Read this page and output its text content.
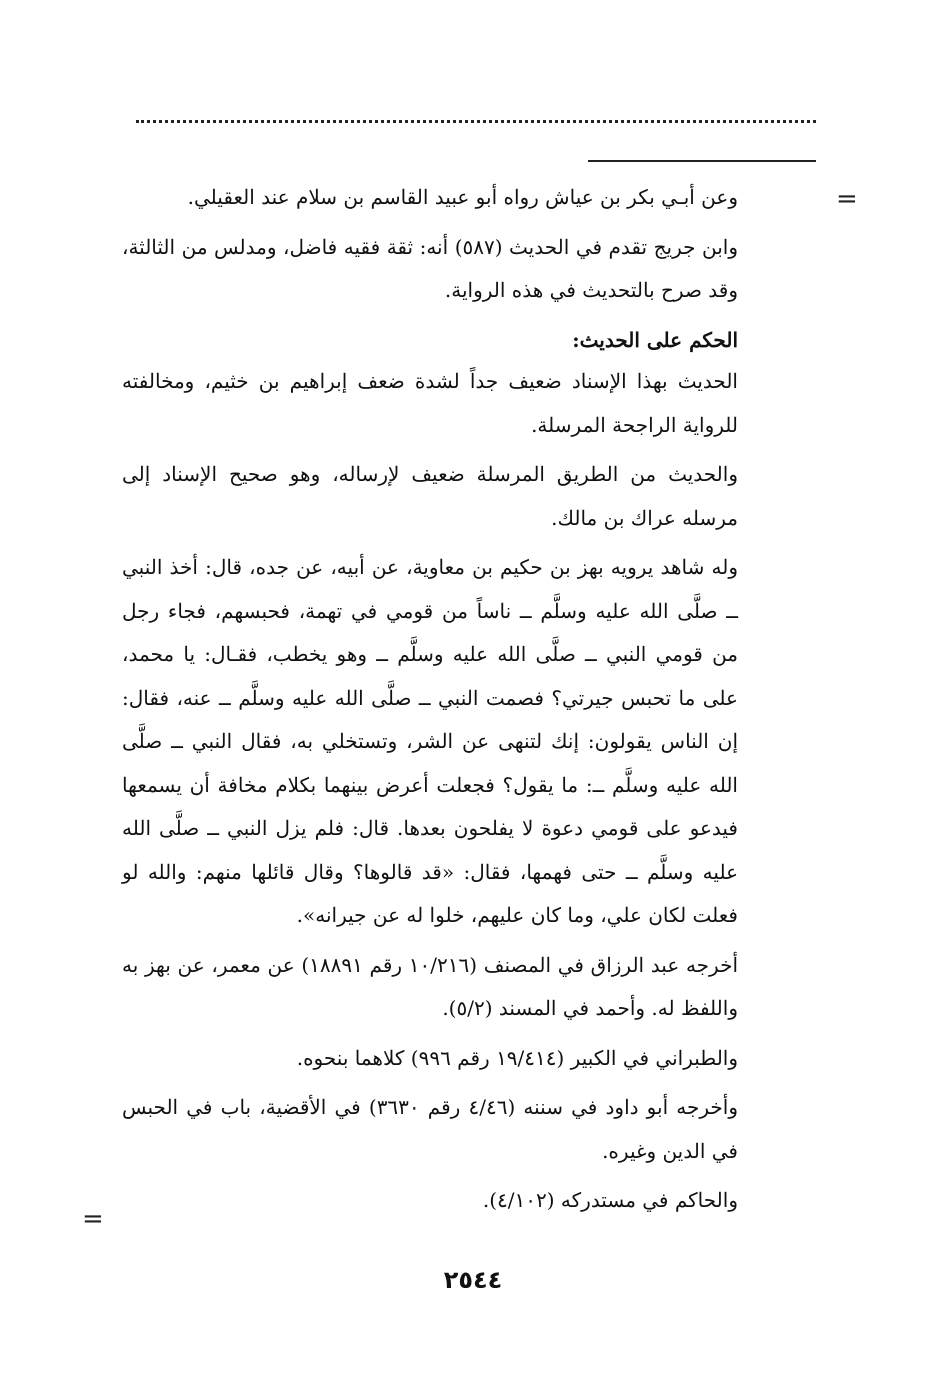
=
=

وعن أبـي بكر بن عياش رواه أبو عبيد القاسم بن سلام عند العقيلي.

وابن جريج تقدم في الحديث (٥٨٧) أنه: ثقة فقيه فاضل، ومدلس من الثالثة، وقد صرح بالتحديث في هذه الرواية.

الحكم على الحديث:

الحديث بهذا الإسناد ضعيف جداً لشدة ضعف إبراهيم بن خثيم، ومخالفته للرواية الراجحة المرسلة.

والحديث من الطريق المرسلة ضعيف لإرساله، وهو صحيح الإسناد إلى مرسله عراك بن مالك.

وله شاهد يرويه بهز بن حكيم بن معاوية، عن أبيه، عن جده، قال: أخذ النبي ــ صلَّى الله عليه وسلَّم ــ ناساً من قومي في تهمة، فحبسهم، فجاء رجل من قومي النبي ــ صلَّى الله عليه وسلَّم ــ وهو يخطب، فقـال: يا محمد، على ما تحبس جيرتي؟ فصمت النبي ــ صلَّى الله عليه وسلَّم ــ عنه، فقال: إن الناس يقولون: إنك لتنهى عن الشر، وتستخلي به، فقال النبي ــ صلَّى الله عليه وسلَّم ــ: ما يقول؟ فجعلت أعرض بينهما بكلام مخافة أن يسمعها فيدعو على قومي دعوة لا يفلحون بعدها. قال: فلم يزل النبي ــ صلَّى الله عليه وسلَّم ــ حتى فهمها، فقال: «قد قالوها؟ وقال قائلها منهم: والله لو فعلت لكان علي، وما كان عليهم، خلوا له عن جيرانه».

أخرجه عبد الرزاق في المصنف (١٠/٢١٦ رقم ١٨٨٩١) عن معمر، عن بهز به واللفظ له. وأحمد في المسند (٥/٢).

والطبراني في الكبير (١٩/٤١٤ رقم ٩٩٦) كلاهما بنحوه.

وأخرجه أبو داود في سننه (٤/٤٦ رقم ٣٦٣٠) في الأقضية، باب في الحبس في الدين وغيره.

والحاكم في مستدركه (٤/١٠٢).

٢٥٤٤
